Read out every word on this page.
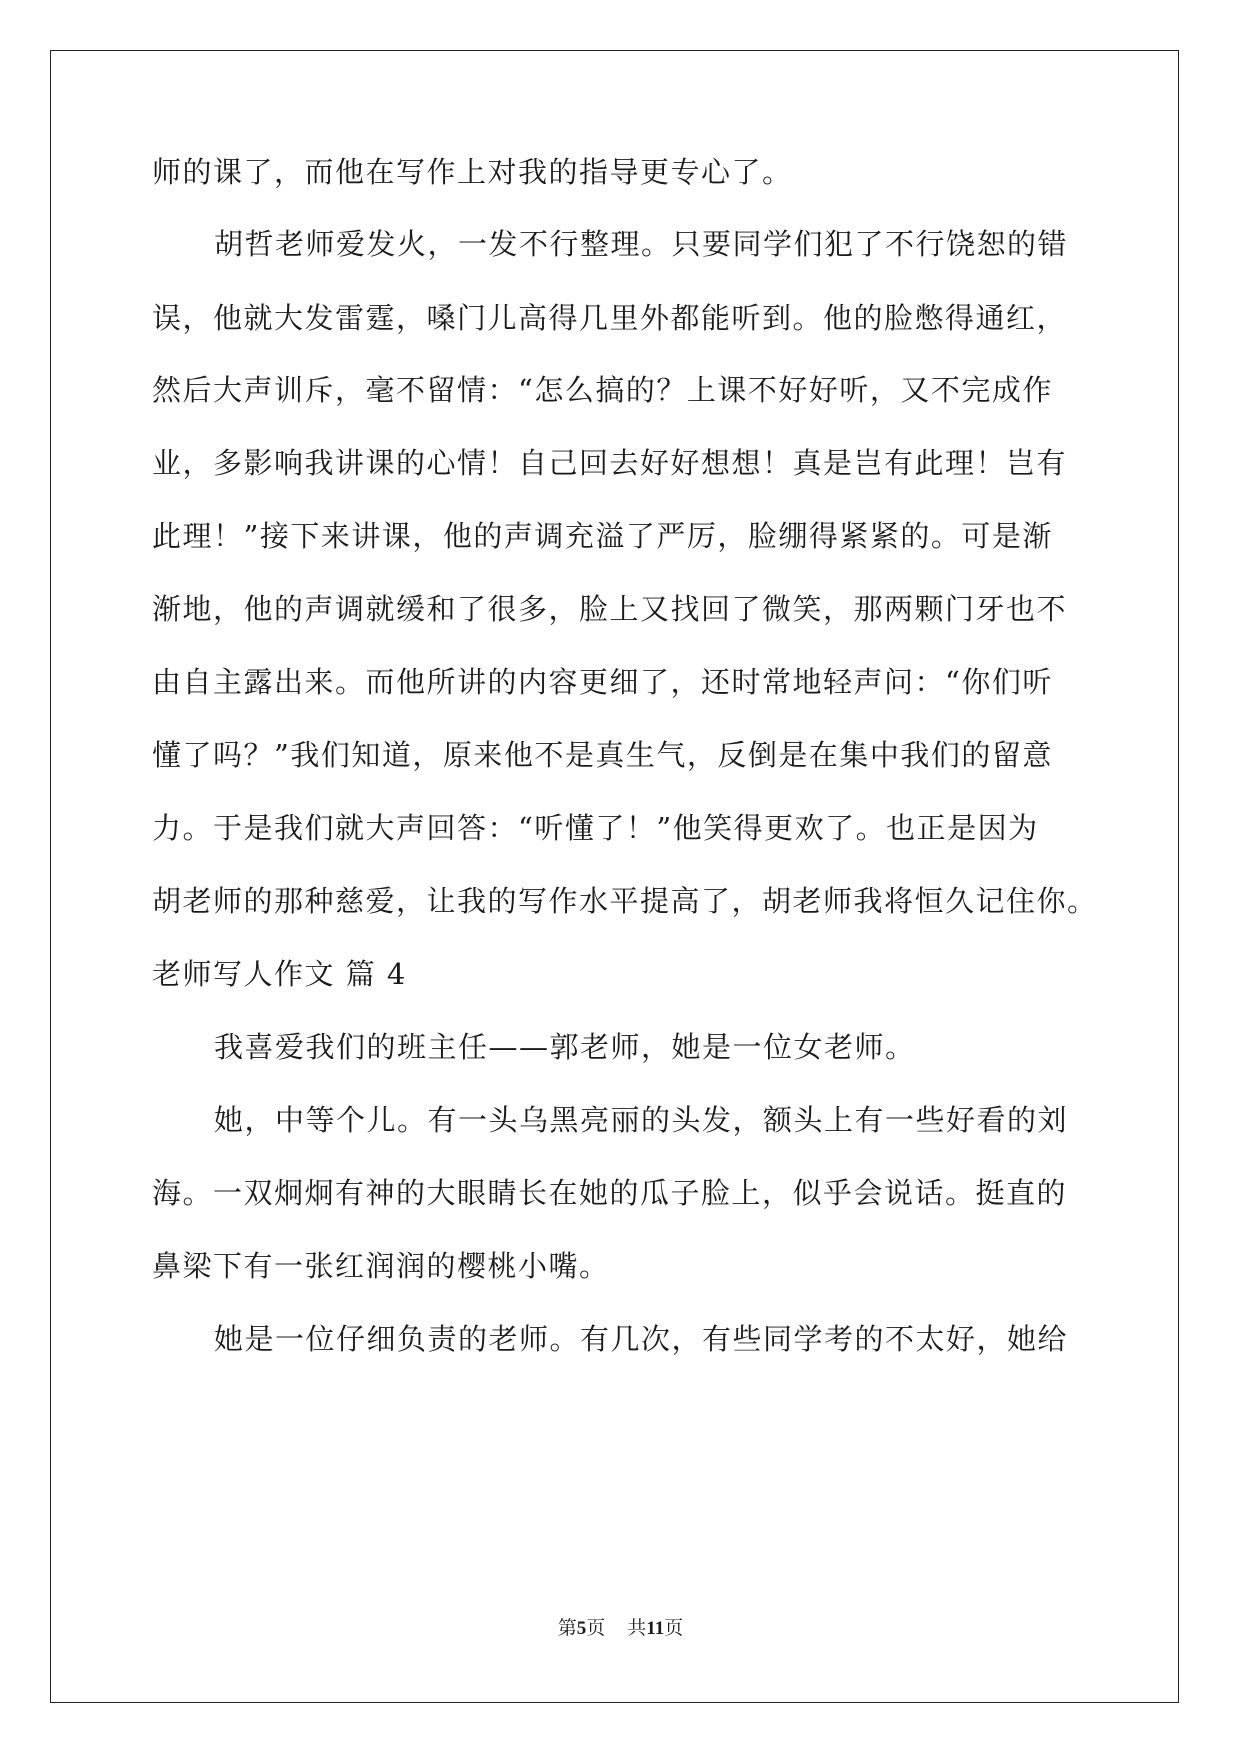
师的课了，而他在写作上对我的指导更专心了。

胡哲老师爱发火，一发不行整理。只要同学们犯了不行饶恕的错

误，他就大发雷霆，嗓门儿高得几里外都能听到。他的脸憋得通红，

然后大声训斥，毫不留情：“怎么搞的？上课不好好听，又不完成作

业，多影响我讲课的心情！自己回去好好想想！真是岂有此理！岂有

此理！”接下来讲课，他的声调充溢了严厉，脸绷得紧紧的。可是渐

渐地，他的声调就缓和了很多，脸上又找回了微笑，那两颗门牙也不

由自主露出来。而他所讲的内容更细了，还时常地轻声问：“你们听

懂了吗？”我们知道，原来他不是真生气，反倒是在集中我们的留意

力。于是我们就大声回答：“听懂了！”他笑得更欢了。也正是因为

胡老师的那种慈爱，让我的写作水平提高了，胡老师我将恒久记住你。

老师写人作文 篇 4

我喜爱我们的班主任——郭老师，她是一位女老师。

她，中等个儿。有一头乌黑亮丽的头发，额头上有一些好看的刘

海。一双炯炯有神的大眼睛长在她的瓜子脸上，似乎会说话。挺直的

鼻梁下有一张红润润的樱桃小嘴。

她是一位仔细负责的老师。有几次，有些同学考的不太好，她给

第5页 共11页
